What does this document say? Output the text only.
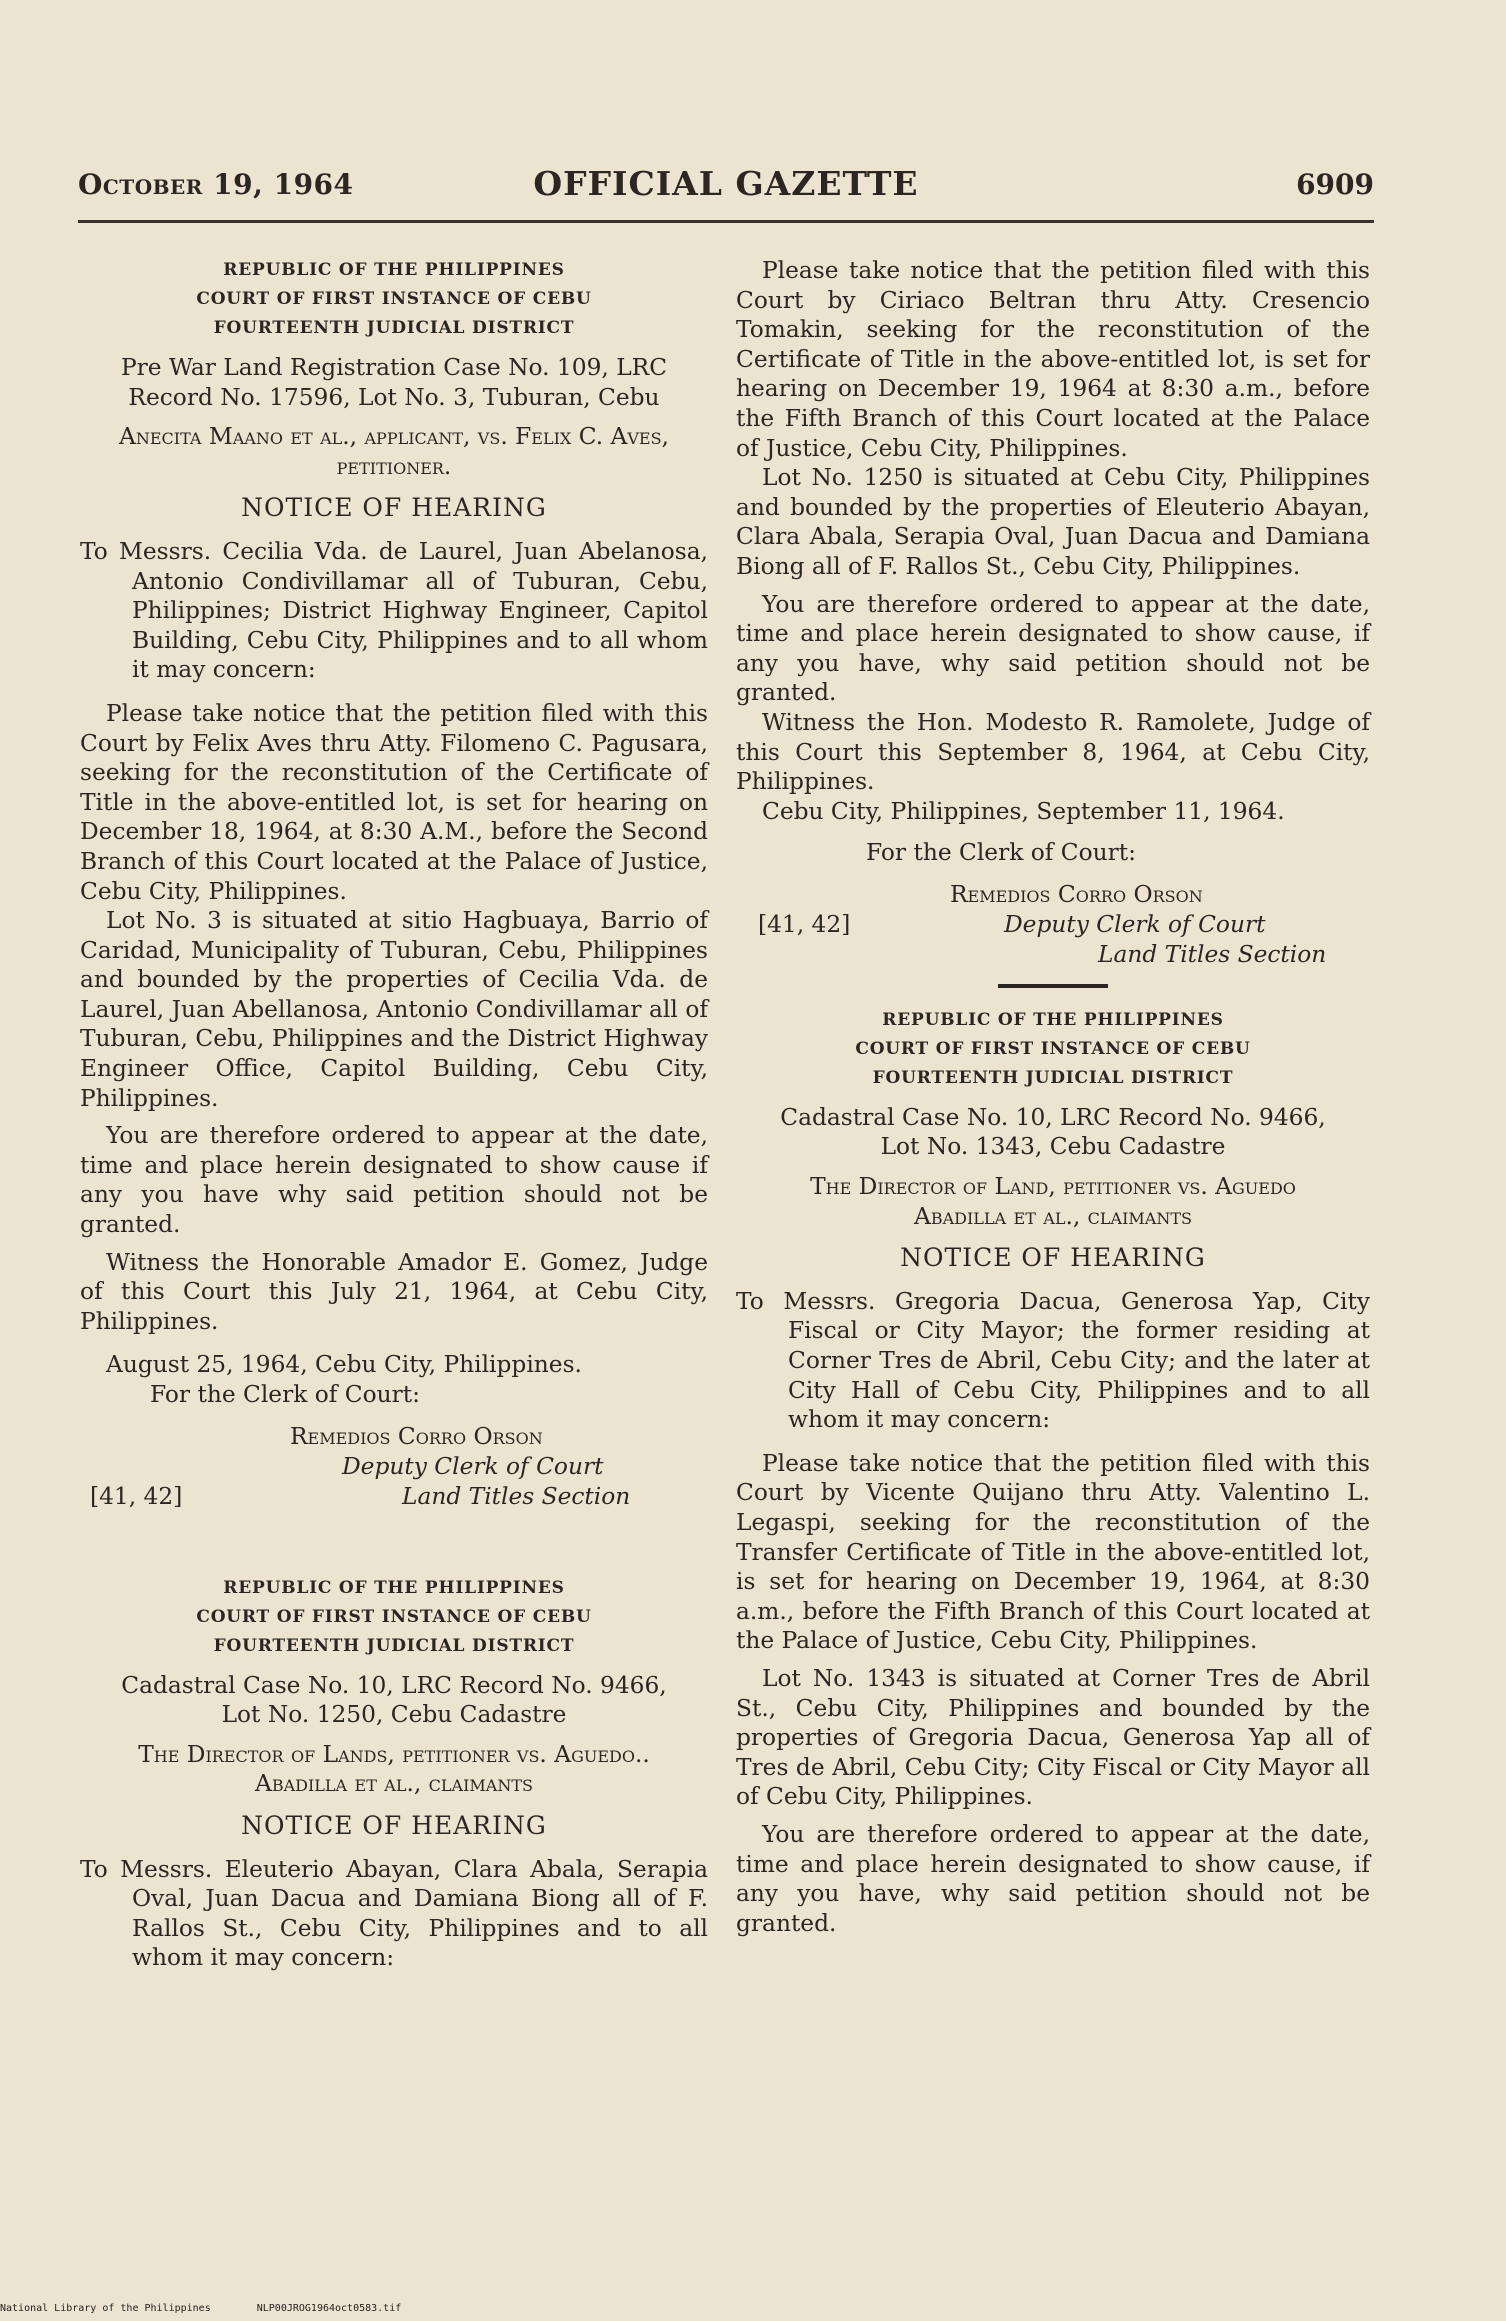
October 19, 1964	OFFICIAL GAZETTE	6909

REPUBLIC OF THE PHILIPPINES

COURT OF FIRST INSTANCE OF CEBU

FOURTEENTH JUDICIAL DISTRICT

Pre War Land Registration Case No. 109, LRC Record No. 17596, Lot No. 3, Tuburan, Cebu

Anecita Maano et al., applicant, vs. Felix C. Aves, petitioner.

NOTICE OF HEARING

To Messrs. Cecilia Vda. de Laurel, Juan Abelanosa, Antonio Condivillamar all of Tuburan, Cebu, Philippines; District Highway Engineer, Capitol Building, Cebu City, Philippines and to all whom it may concern:

Please take notice that the petition filed with this Court by Felix Aves thru Atty. Filomeno C. Pagusara, seeking for the reconstitution of the Certificate of Title in the above-entitled lot, is set for hearing on December 18, 1964, at 8:30 A.M., before the Second Branch of this Court located at the Palace of Justice, Cebu City, Philippines.

Lot No. 3 is situated at sitio Hagbuaya, Barrio of Caridad, Municipality of Tuburan, Cebu, Philippines and bounded by the properties of Cecilia Vda. de Laurel, Juan Abellanosa, Antonio Condivillamar all of Tuburan, Cebu, Philippines and the District Highway Engineer Office, Capitol Building, Cebu City, Philippines.

You are therefore ordered to appear at the date, time and place herein designated to show cause if any you have why said petition should not be granted.

Witness the Honorable Amador E. Gomez, Judge of this Court this July 21, 1964, at Cebu City, Philippines.

August 25, 1964, Cebu City, Philippines.

For the Clerk of Court:

Remedios Corro Orson
Deputy Clerk of Court
Land Titles Section
[41, 42]

REPUBLIC OF THE PHILIPPINES

COURT OF FIRST INSTANCE OF CEBU

FOURTEENTH JUDICIAL DISTRICT

Cadastral Case No. 10, LRC Record No. 9466, Lot No. 1250, Cebu Cadastre

The Director of Lands, petitioner vs. Aguedo.. Abadilla et al., claimants

NOTICE OF HEARING

To Messrs. Eleuterio Abayan, Clara Abala, Serapia Oval, Juan Dacua and Damiana Biong all of F. Rallos St., Cebu City, Philippines and to all whom it may concern:

Please take notice that the petition filed with this Court by Ciriaco Beltran thru Atty. Cresencio Tomakin, seeking for the reconstitution of the Certificate of Title in the above-entitled lot, is set for hearing on December 19, 1964 at 8:30 a.m., before the Fifth Branch of this Court located at the Palace of Justice, Cebu City, Philippines.

Lot No. 1250 is situated at Cebu City, Philippines and bounded by the properties of Eleuterio Abayan, Clara Abala, Serapia Oval, Juan Dacua and Damiana Biong all of F. Rallos St., Cebu City, Philippines.

You are therefore ordered to appear at the date, time and place herein designated to show cause, if any you have, why said petition should not be granted.

Witness the Hon. Modesto R. Ramolete, Judge of this Court this September 8, 1964, at Cebu City, Philippines.

Cebu City, Philippines, September 11, 1964.

For the Clerk of Court:

Remedios Corro Orson
Deputy Clerk of Court
Land Titles Section
[41, 42]

REPUBLIC OF THE PHILIPPINES

COURT OF FIRST INSTANCE OF CEBU

FOURTEENTH JUDICIAL DISTRICT

Cadastral Case No. 10, LRC Record No. 9466, Lot No. 1343, Cebu Cadastre

The Director of Land, petitioner vs. Aguedo Abadilla et al., claimants

NOTICE OF HEARING

To Messrs. Gregoria Dacua, Generosa Yap, City Fiscal or City Mayor; the former residing at Corner Tres de Abril, Cebu City; and the later at City Hall of Cebu City, Philippines and to all whom it may concern:

Please take notice that the petition filed with this Court by Vicente Quijano thru Atty. Valentino L. Legaspi, seeking for the reconstitution of the Transfer Certificate of Title in the above-entitled lot, is set for hearing on December 19, 1964, at 8:30 a.m., before the Fifth Branch of this Court located at the Palace of Justice, Cebu City, Philippines.

Lot No. 1343 is situated at Corner Tres de Abril St., Cebu City, Philippines and bounded by the properties of Gregoria Dacua, Generosa Yap all of Tres de Abril, Cebu City; City Fiscal or City Mayor all of Cebu City, Philippines.

You are therefore ordered to appear at the date, time and place herein designated to show cause, if any you have, why said petition should not be granted.

National Library of the Philippines	NLP00JROG1964oct0583.tif
